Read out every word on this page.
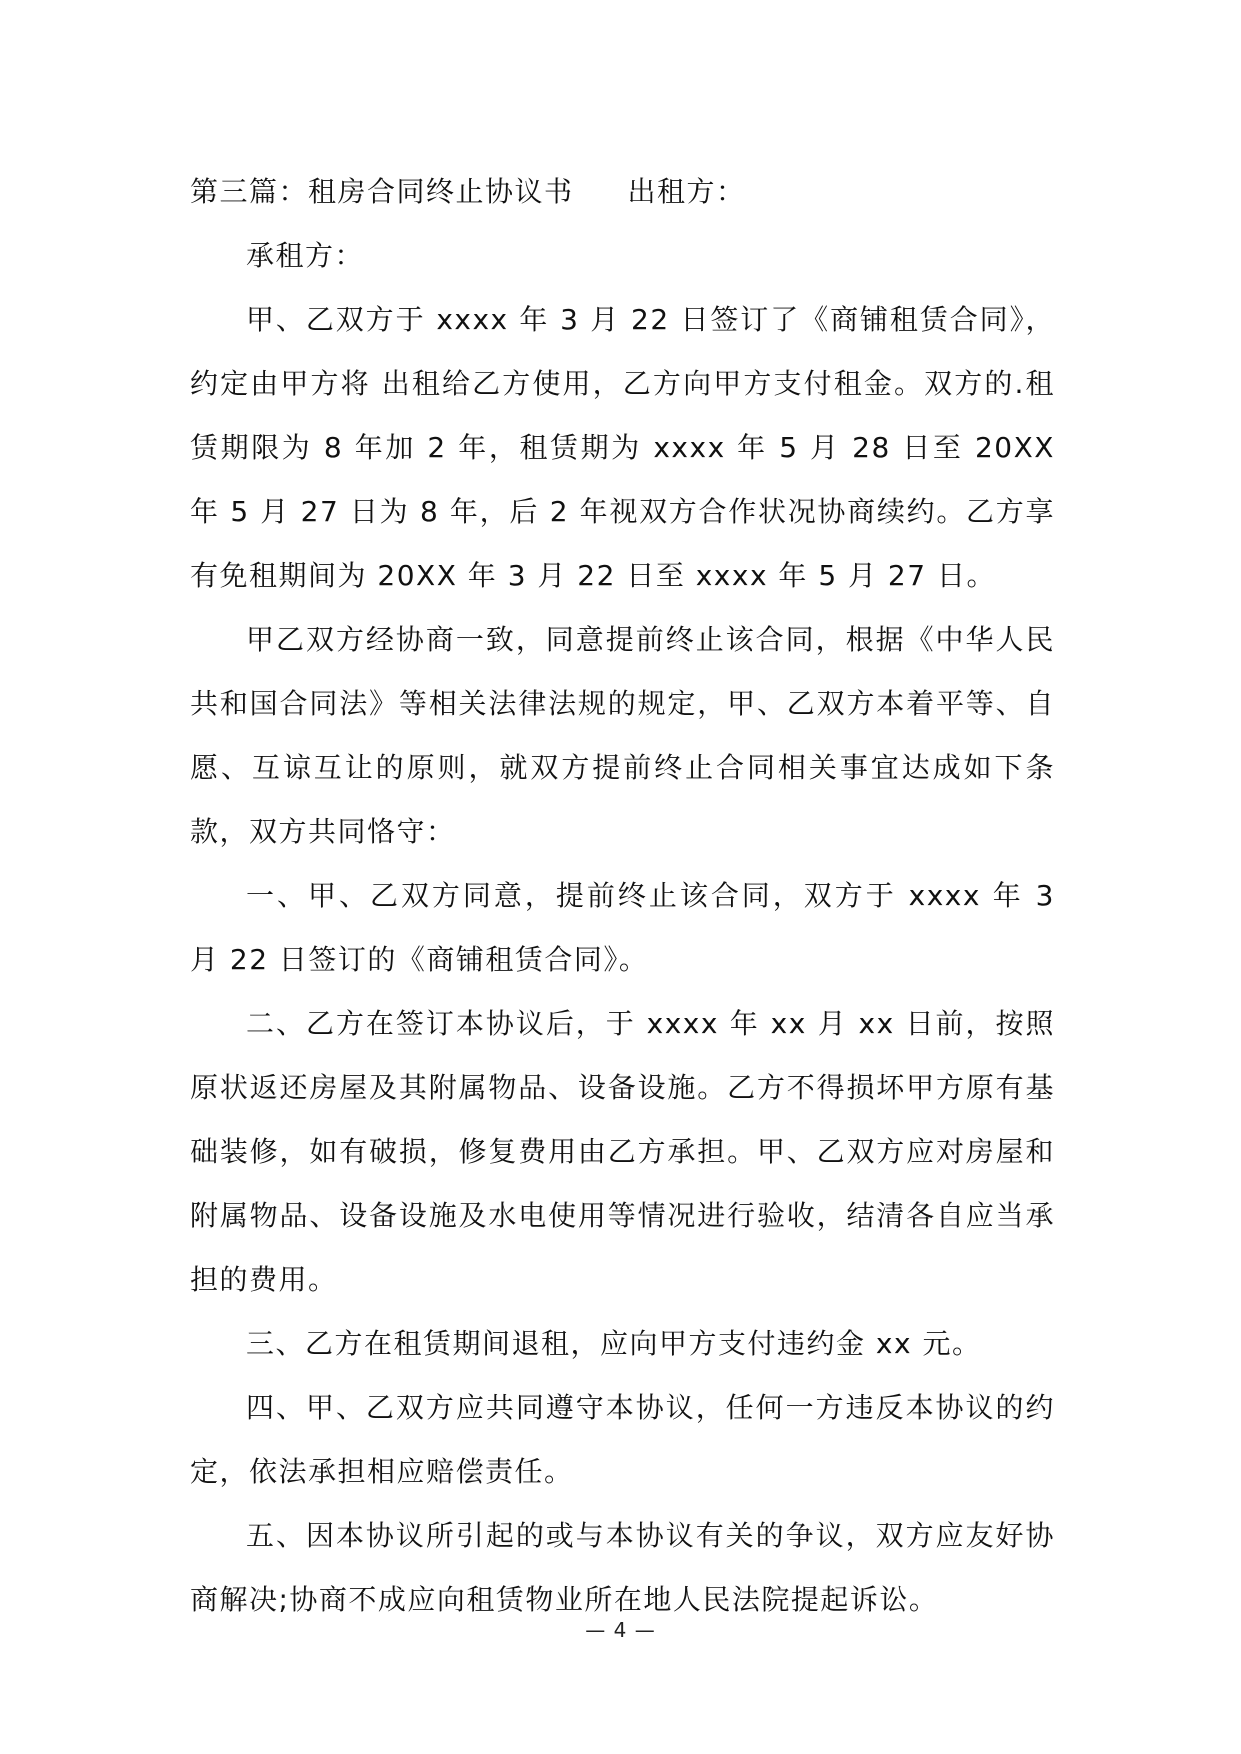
第三篇：租房合同终止协议书 出租方：

承租方：

甲、乙双方于 xxxx 年 3 月 22 日签订了《商铺租赁合同》，约定由甲方将 出租给乙方使用，乙方向甲方支付租金。双方的.租赁期限为 8 年加 2 年，租赁期为 xxxx 年 5 月 28 日至 20XX 年 5 月 27 日为 8 年，后 2 年视双方合作状况协商续约。乙方享有免租期间为 20XX 年 3 月 22 日至 xxxx 年 5 月 27 日。

甲乙双方经协商一致，同意提前终止该合同，根据《中华人民共和国合同法》等相关法律法规的规定，甲、乙双方本着平等、自愿、互谅互让的原则，就双方提前终止合同相关事宜达成如下条款，双方共同恪守：

一、甲、乙双方同意，提前终止该合同，双方于 xxxx 年 3 月 22 日签订的《商铺租赁合同》。

二、乙方在签订本协议后，于 xxxx 年 xx 月 xx 日前，按照原状返还房屋及其附属物品、设备设施。乙方不得损坏甲方原有基础装修，如有破损，修复费用由乙方承担。甲、乙双方应对房屋和附属物品、设备设施及水电使用等情况进行验收，结清各自应当承担的费用。

三、乙方在租赁期间退租，应向甲方支付违约金 xx 元。

四、甲、乙双方应共同遵守本协议，任何一方违反本协议的约定，依法承担相应赔偿责任。

五、因本协议所引起的或与本协议有关的争议，双方应友好协商解决;协商不成应向租赁物业所在地人民法院提起诉讼。

— 4 —
